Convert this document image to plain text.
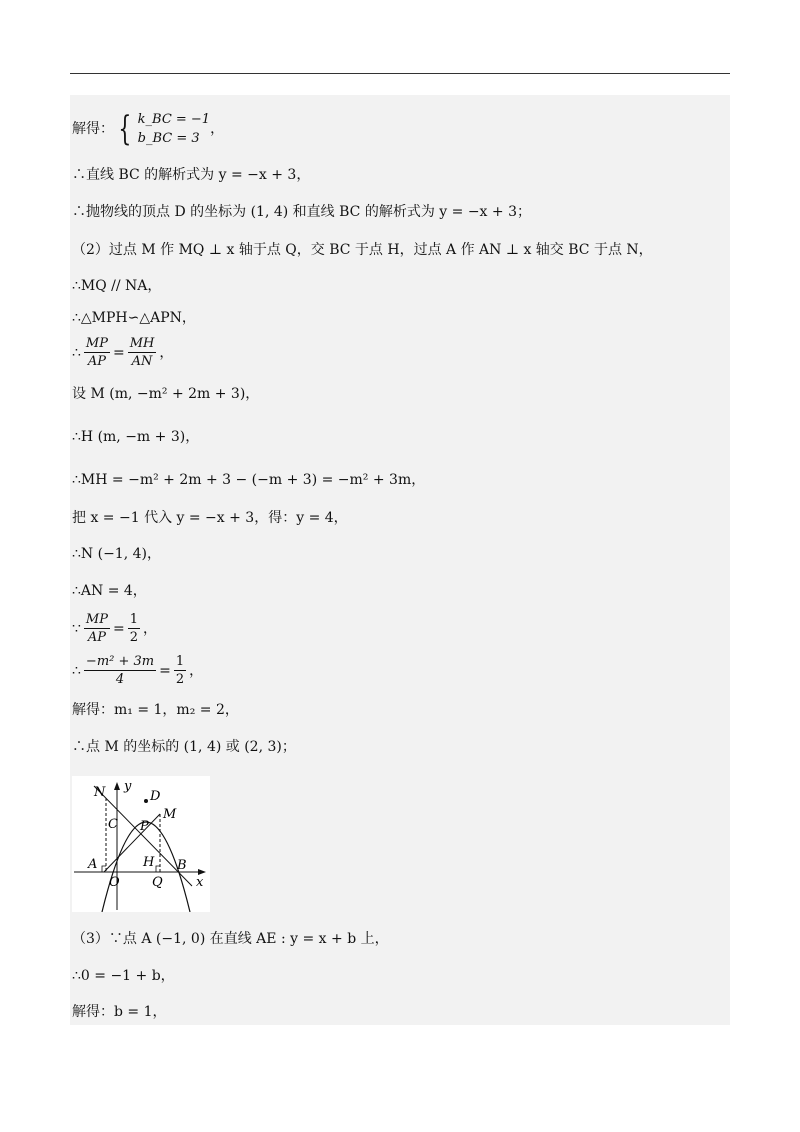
解得： { k_BC = −1
b_BC = 3
，
∴直线 BC 的解析式为 y = −x + 3，
∴抛物线的顶点 D 的坐标为 (1, 4) 和直线 BC 的解析式为 y = −x + 3；
（2）过点 M 作 MQ ⊥ x 轴于点 Q，交 BC 于点 H，过点 A 作 AN ⊥ x 轴交 BC 于点 N，
∴MQ // NA，
∴△MPH∽△APN，
∴ $\frac{MP}{AP} = \frac{MH}{AN}$ ，
设 M (m, −m² + 2m + 3)，
∴H (m, −m + 3)，
∴MH = −m² + 2m + 3 − (−m + 3) = −m² + 3m，
把 x = −1 代入 y = −x + 3，得：y = 4，
∴N (−1, 4)，
∴AN = 4，
∵ $\frac{MP}{AP} = \frac{1}{2}$ ，
∴ $\frac{\text{−m² + 3m}}{4} = \frac{1}{2}$ ，
解得：m₁ = 1，m₂ = 2，
∴点 M 的坐标的 (1, 4) 或 (2, 3)；
N y
D
C P
M
A	H B
O Q	x
（3）∵点 A (−1, 0) 在直线 AE : y = x + b 上，
∴0 = −1 + b，
解得：b = 1，
